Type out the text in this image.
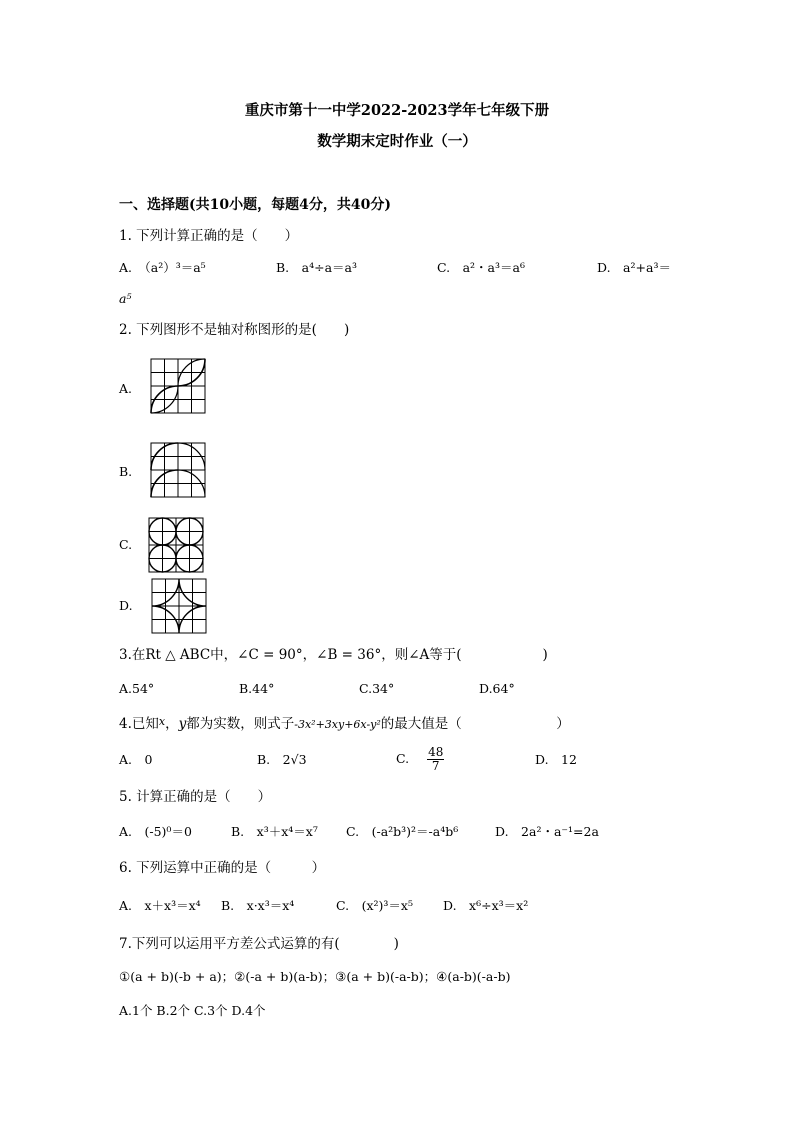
重庆市第十一中学2022-2023学年七年级下册
数学期末定时作业（一）
一、选择题(共10小题，每题4分，共40分)
1. 下列计算正确的是（　　）
A.　（a²）³＝a⁵	B.　a⁴÷a＝a³	C.　a²・a³＝a⁶	D.　a²+a³＝
a⁵
2. 下列图形不是轴对称图形的是(　　)
A.
B.
C.
D.
3.在Rt △ ABC中，∠C = 90°，∠B = 36°，则∠A等于(　　　　　　)
A.54°	B.44°	C.34°	D.64°
4.已知$^x$，y都为实数，则式子-3x²+3xy+6x-y²的最大值是（　　　　　　　）
A.　0	B.　2√3	C. $\frac{48}{7}$	D.　12
5. 计算正确的是（　　）
A.　(-5)⁰＝0	B.　x³＋x⁴＝x⁷ C.　(-a²b³)²＝-a⁴b⁶	D.　2a²・a⁻¹=2a
6. 下列运算中正确的是（　　　）
A.　x＋x³＝x⁴ B.　x·x³＝x⁴	C.　(x²)³＝x⁵ D.　x⁶÷x³＝x²
7.下列可以运用平方差公式运算的有(　　　　)
①(a + b)(-b + a)；②(-a + b)(a-b)；③(a + b)(-a-b)；④(a-b)(-a-b)
A.1个 B.2个 C.3个 D.4个
